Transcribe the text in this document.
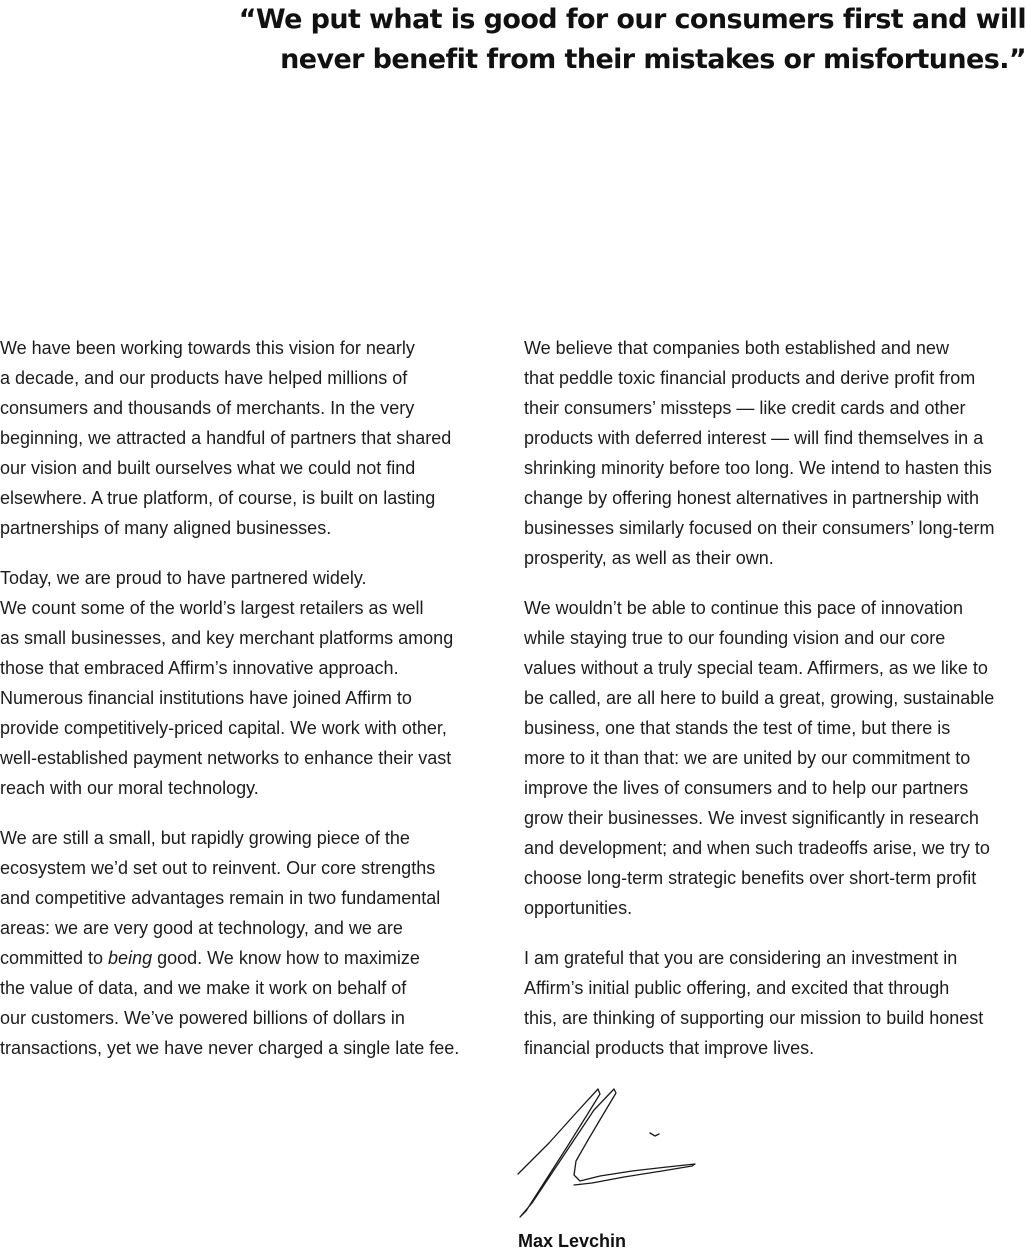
“We put what is good for our consumers first and will
never benefit from their mistakes or misfortunes.”

We have been working towards this vision for nearly
a decade, and our products have helped millions of
consumers and thousands of merchants. In the very
beginning, we attracted a handful of partners that shared
our vision and built ourselves what we could not find
elsewhere. A true platform, of course, is built on lasting
partnerships of many aligned businesses.

Today, we are proud to have partnered widely.
We count some of the world’s largest retailers as well
as small businesses, and key merchant platforms among
those that embraced Affirm’s innovative approach.
Numerous financial institutions have joined Affirm to
provide competitively-priced capital. We work with other,
well-established payment networks to enhance their vast
reach with our moral technology.

We are still a small, but rapidly growing piece of the
ecosystem we’d set out to reinvent. Our core strengths
and competitive advantages remain in two fundamental
areas: we are very good at technology, and we are
committed to being good. We know how to maximize
the value of data, and we make it work on behalf of
our customers. We’ve powered billions of dollars in
transactions, yet we have never charged a single late fee.

We believe that companies both established and new
that peddle toxic financial products and derive profit from
their consumers’ missteps — like credit cards and other
products with deferred interest — will find themselves in a
shrinking minority before too long. We intend to hasten this
change by offering honest alternatives in partnership with
businesses similarly focused on their consumers’ long-term
prosperity, as well as their own.

We wouldn’t be able to continue this pace of innovation
while staying true to our founding vision and our core
values without a truly special team. Affirmers, as we like to
be called, are all here to build a great, growing, sustainable
business, one that stands the test of time, but there is
more to it than that: we are united by our commitment to
improve the lives of consumers and to help our partners
grow their businesses. We invest significantly in research
and development; and when such tradeoffs arise, we try to
choose long-term strategic benefits over short-term profit
opportunities.

I am grateful that you are considering an investment in
Affirm’s initial public offering, and excited that through
this, are thinking of supporting our mission to build honest
financial products that improve lives.

Max Levchin
